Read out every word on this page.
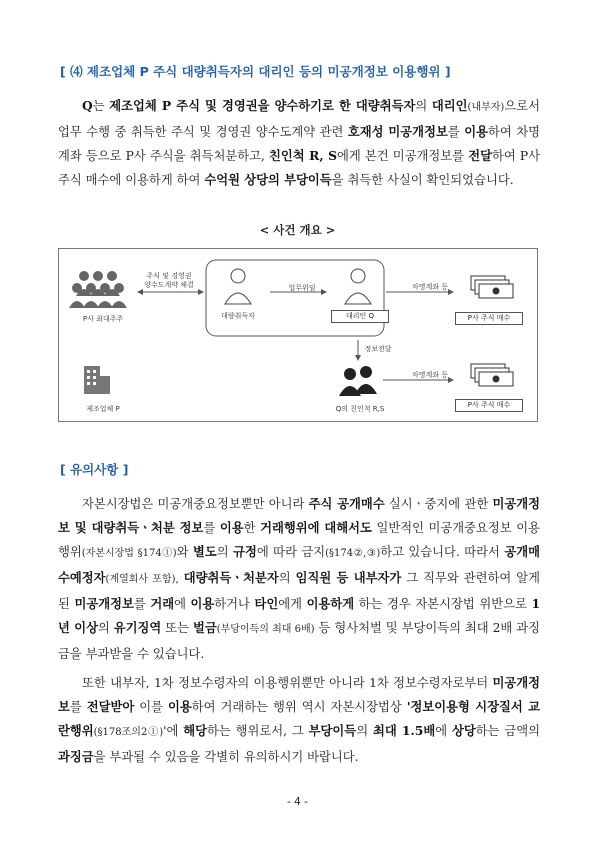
[ ⑷ 제조업체 P 주식 대량취득자의 대리인 등의 미공개정보 이용행위 ]
Q는 제조업체 P 주식 및 경영권을 양수하기로 한 대량취득자의 대리인(내부자)으로서 업무 수행 중 취득한 주식 및 경영권 양수도계약 관련 호재성 미공개정보를 이용하여 차명 계좌 등으로 P사 주식을 취득처분하고, 친인척 R, S에게 본건 미공개정보를 전달하여 P사 주식 매수에 이용하게 하여 수억원 상당의 부당이득을 취득한 사실이 확인되었습니다.
< 사건 개요 >
주식 및 경영권
양수도계약 체결
P사 최대주주
제조업체 P
대량취득자
업무위임
대리인 Q
정보전달
Q의 친인척 R,S
차명계좌 등
차명계좌 등
P사 주식 매수
P사 주식 매수
[ 유의사항 ]
자본시장법은 미공개중요정보뿐만 아니라 주식 공개매수 실시ㆍ중지에 관한 미공개정보 및 대량취득ㆍ처분 정보를 이용한 거래행위에 대해서도 일반적인 미공개중요정보 이용 행위(자본시장법 §174①)와 별도의 규정에 따라 금지(§174②,③)하고 있습니다. 따라서 공개매수예정자(계열회사 포함), 대량취득ㆍ처분자의 임직원 등 내부자가 그 직무와 관련하여 알게 된 미공개정보를 거래에 이용하거나 타인에게 이용하게 하는 경우 자본시장법 위반으로 1년 이상의 유기징역 또는 벌금(부당이득의 최대 6배) 등 형사처벌 및 부당이득의 최대 2배 과징금을 부과받을 수 있습니다.
또한 내부자, 1차 정보수령자의 이용행위뿐만 아니라 1차 정보수령자로부터 미공개정보를 전달받아 이를 이용하여 거래하는 행위 역시 자본시장법상 '정보이용형 시장질서 교란행위(§178조의2①)'에 해당하는 행위로서, 그 부당이득의 최대 1.5배에 상당하는 금액의 과징금을 부과될 수 있음을 각별히 유의하시기 바랍니다.
- 4 -
